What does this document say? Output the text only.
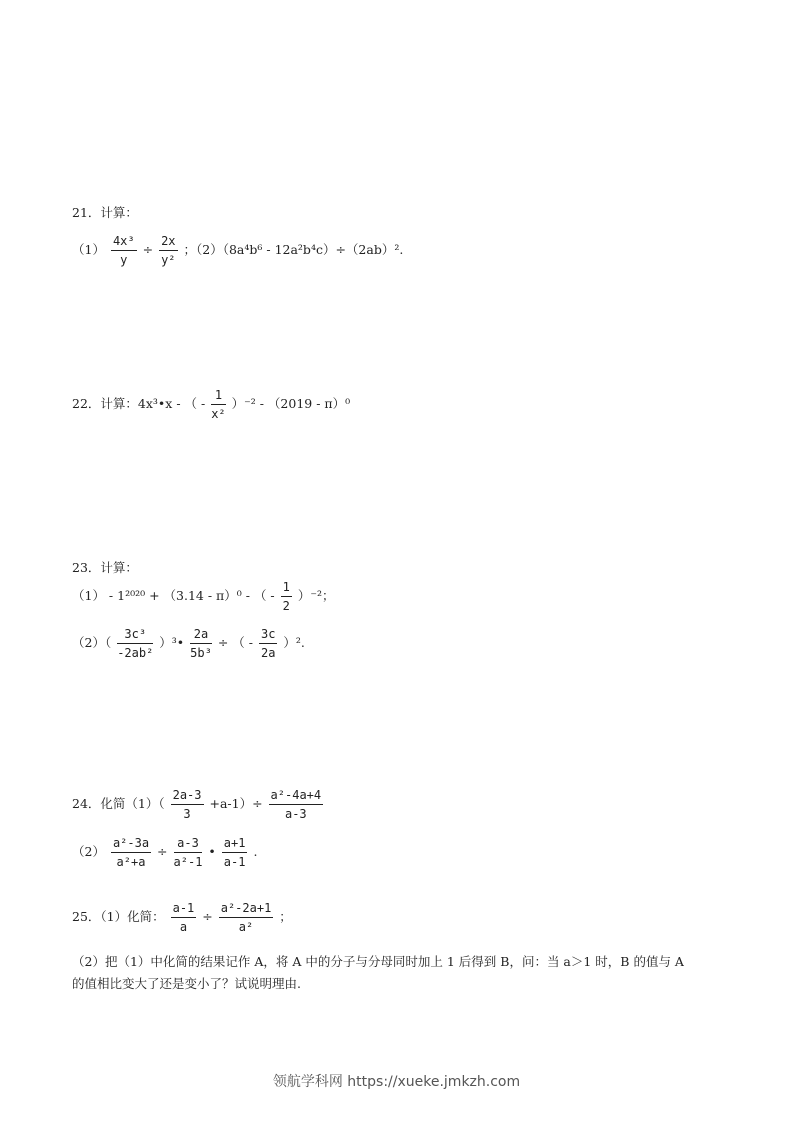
21．计算：
$(1) \frac{\text{4x³}}{y} \div \frac{2x}{\text{y²}}$ ；（2）（8a⁴b⁶ - 12a²b⁴c）÷（2ab）².
22．计算：4x³•x - （ - $\frac{1}{\text{x²}} )^{-2} - (2019 - \pi)^0$
23．计算：
（1） - 1²⁰²⁰ + （3.14 - π）⁰ - （ - $\frac{1}{2} )^{-2}$；
$(2)( \frac{\text{3c³}}{\text{-2ab²}}$ ）³• $\frac{2a}{\text{5b³}}$ ÷ （ - $\frac{3c}{2a} )^2$.
24．化简$(1)( \frac{2a-3}{3} +a-1)\div \frac{\text{a²-4a+4}}{a-3}$
$(2) \frac{\text{a²-3a}}{\text{a²+a}} \div \frac{a-3}{\text{a²-1}}$ • $\frac{a+1}{a-1}$ .
25．（1）化简： $\frac{a-1}{a} \div \frac{\text{a²-2a+1}}{\text{a²}}$ ；
（2）把（1）中化简的结果记作 A，将 A 中的分子与分母同时加上 1 后得到 B，问：当 a＞1 时，B 的值与 A
的值相比变大了还是变小了？试说明理由.
领航学科网 https://xueke.jmkzh.com
